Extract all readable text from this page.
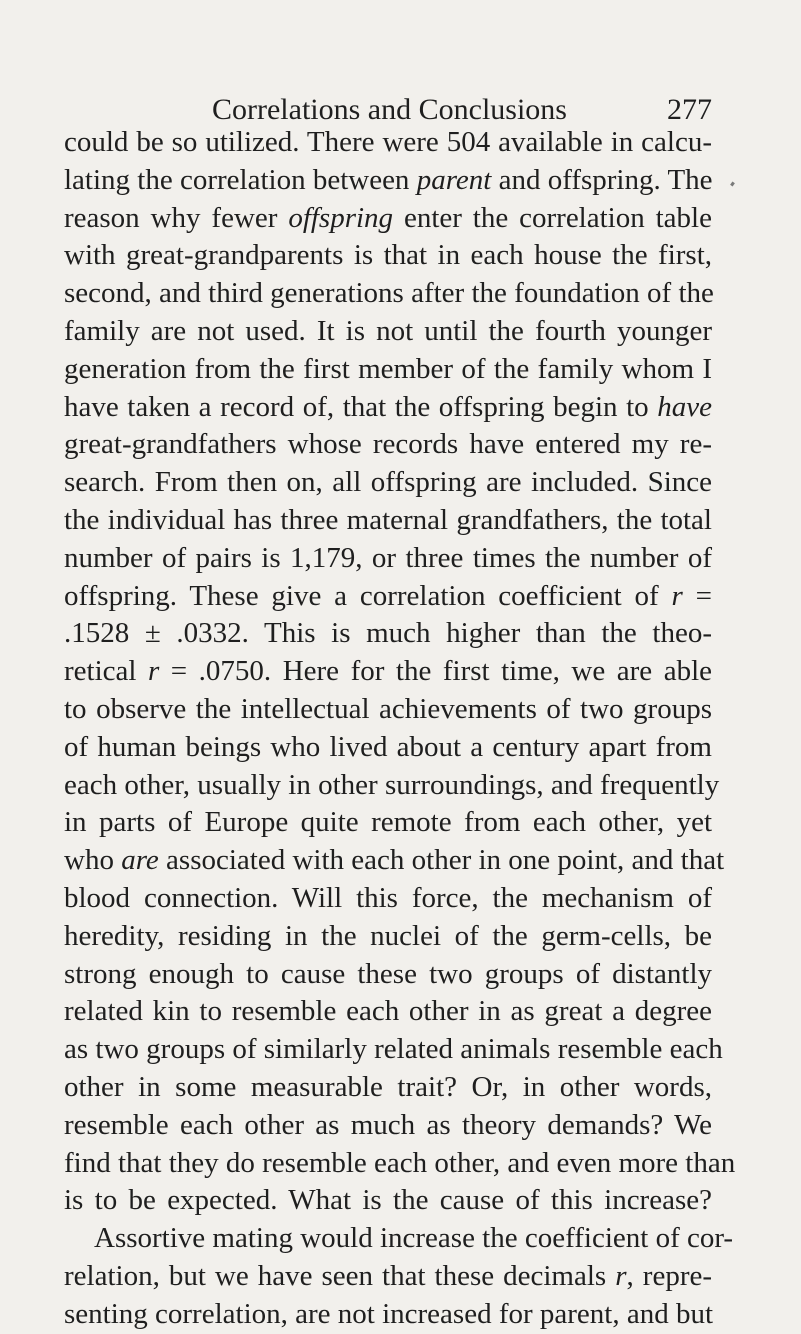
Correlations and Conclusions	277
could be so utilized. There were 504 available in calcu-
lating the correlation between parent and offspring. The
reason why fewer offspring enter the correlation table
with great-grandparents is that in each house the first,
second, and third generations after the foundation of the
family are not used. It is not until the fourth younger
generation from the first member of the family whom I
have taken a record of, that the offspring begin to have
great-grandfathers whose records have entered my re-
search. From then on, all offspring are included. Since
the individual has three maternal grandfathers, the total
number of pairs is 1,179, or three times the number of
offspring. These give a correlation coefficient of r =
.1528 ± .0332. This is much higher than the theo-
retical r = .0750. Here for the first time, we are able
to observe the intellectual achievements of two groups
of human beings who lived about a century apart from
each other, usually in other surroundings, and frequently
in parts of Europe quite remote from each other, yet
who are associated with each other in one point, and that
blood connection. Will this force, the mechanism of
heredity, residing in the nuclei of the germ-cells, be
strong enough to cause these two groups of distantly
related kin to resemble each other in as great a degree
as two groups of similarly related animals resemble each
other in some measurable trait? Or, in other words,
resemble each other as much as theory demands? We
find that they do resemble each other, and even more than
is to be expected. What is the cause of this increase?
Assortive mating would increase the coefficient of cor-
relation, but we have seen that these decimals r, repre-
senting correlation, are not increased for parent, and but
